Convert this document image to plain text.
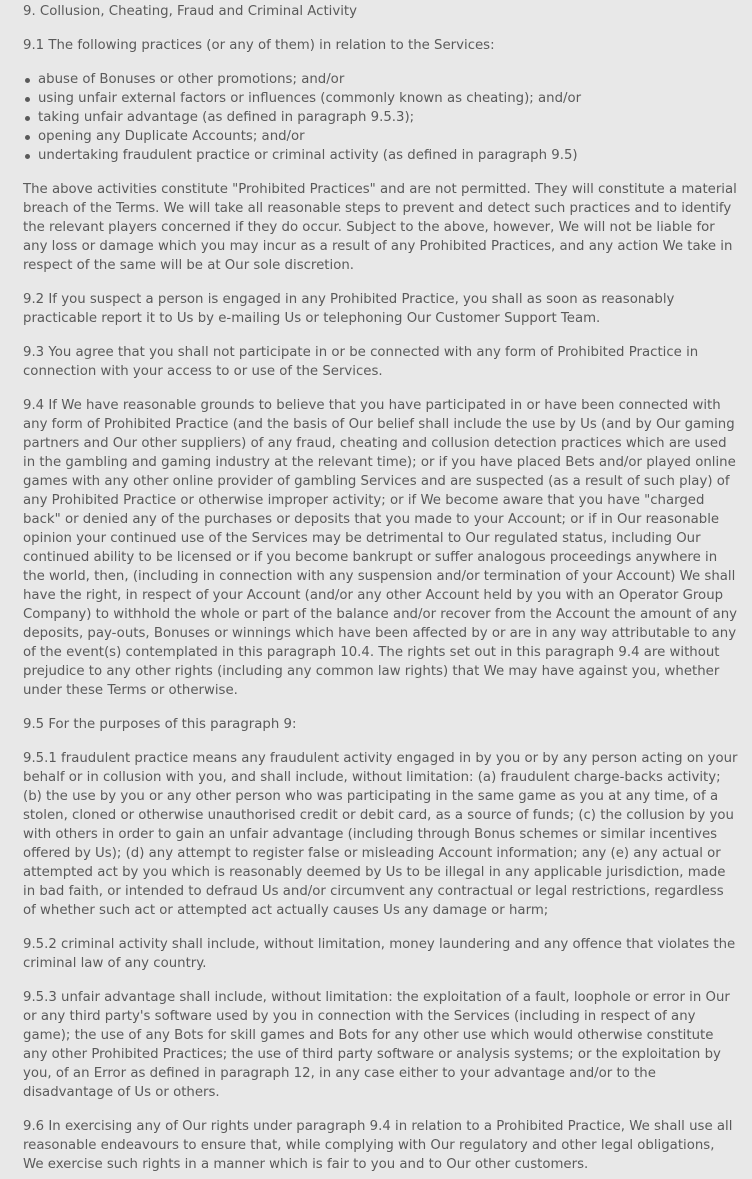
9. Collusion, Cheating, Fraud and Criminal Activity

9.1 The following practices (or any of them) in relation to the Services:

abuse of Bonuses or other promotions; and/or
using unfair external factors or influences (commonly known as cheating); and/or
taking unfair advantage (as defined in paragraph 9.5.3);
opening any Duplicate Accounts; and/or
undertaking fraudulent practice or criminal activity (as defined in paragraph 9.5)

The above activities constitute "Prohibited Practices" and are not permitted. They will constitute a material breach of the Terms. We will take all reasonable steps to prevent and detect such practices and to identify the relevant players concerned if they do occur. Subject to the above, however, We will not be liable for any loss or damage which you may incur as a result of any Prohibited Practices, and any action We take in respect of the same will be at Our sole discretion.

9.2 If you suspect a person is engaged in any Prohibited Practice, you shall as soon as reasonably practicable report it to Us by e-mailing Us or telephoning Our Customer Support Team.

9.3 You agree that you shall not participate in or be connected with any form of Prohibited Practice in connection with your access to or use of the Services.

9.4 If We have reasonable grounds to believe that you have participated in or have been connected with any form of Prohibited Practice (and the basis of Our belief shall include the use by Us (and by Our gaming partners and Our other suppliers) of any fraud, cheating and collusion detection practices which are used in the gambling and gaming industry at the relevant time); or if you have placed Bets and/or played online games with any other online provider of gambling Services and are suspected (as a result of such play) of any Prohibited Practice or otherwise improper activity; or if We become aware that you have "charged back" or denied any of the purchases or deposits that you made to your Account; or if in Our reasonable opinion your continued use of the Services may be detrimental to Our regulated status, including Our continued ability to be licensed or if you become bankrupt or suffer analogous proceedings anywhere in the world, then, (including in connection with any suspension and/or termination of your Account) We shall have the right, in respect of your Account (and/or any other Account held by you with an Operator Group Company) to withhold the whole or part of the balance and/or recover from the Account the amount of any deposits, pay-outs, Bonuses or winnings which have been affected by or are in any way attributable to any of the event(s) contemplated in this paragraph 10.4. The rights set out in this paragraph 9.4 are without prejudice to any other rights (including any common law rights) that We may have against you, whether under these Terms or otherwise.

9.5 For the purposes of this paragraph 9:

9.5.1 fraudulent practice means any fraudulent activity engaged in by you or by any person acting on your behalf or in collusion with you, and shall include, without limitation: (a) fraudulent charge-backs activity; (b) the use by you or any other person who was participating in the same game as you at any time, of a stolen, cloned or otherwise unauthorised credit or debit card, as a source of funds; (c) the collusion by you with others in order to gain an unfair advantage (including through Bonus schemes or similar incentives offered by Us); (d) any attempt to register false or misleading Account information; any (e) any actual or attempted act by you which is reasonably deemed by Us to be illegal in any applicable jurisdiction, made in bad faith, or intended to defraud Us and/or circumvent any contractual or legal restrictions, regardless of whether such act or attempted act actually causes Us any damage or harm;

9.5.2 criminal activity shall include, without limitation, money laundering and any offence that violates the criminal law of any country.

9.5.3 unfair advantage shall include, without limitation: the exploitation of a fault, loophole or error in Our or any third party's software used by you in connection with the Services (including in respect of any game); the use of any Bots for skill games and Bots for any other use which would otherwise constitute any other Prohibited Practices; the use of third party software or analysis systems; or the exploitation by you, of an Error as defined in paragraph 12, in any case either to your advantage and/or to the disadvantage of Us or others.

9.6 In exercising any of Our rights under paragraph 9.4 in relation to a Prohibited Practice, We shall use all reasonable endeavours to ensure that, while complying with Our regulatory and other legal obligations, We exercise such rights in a manner which is fair to you and to Our other customers.
